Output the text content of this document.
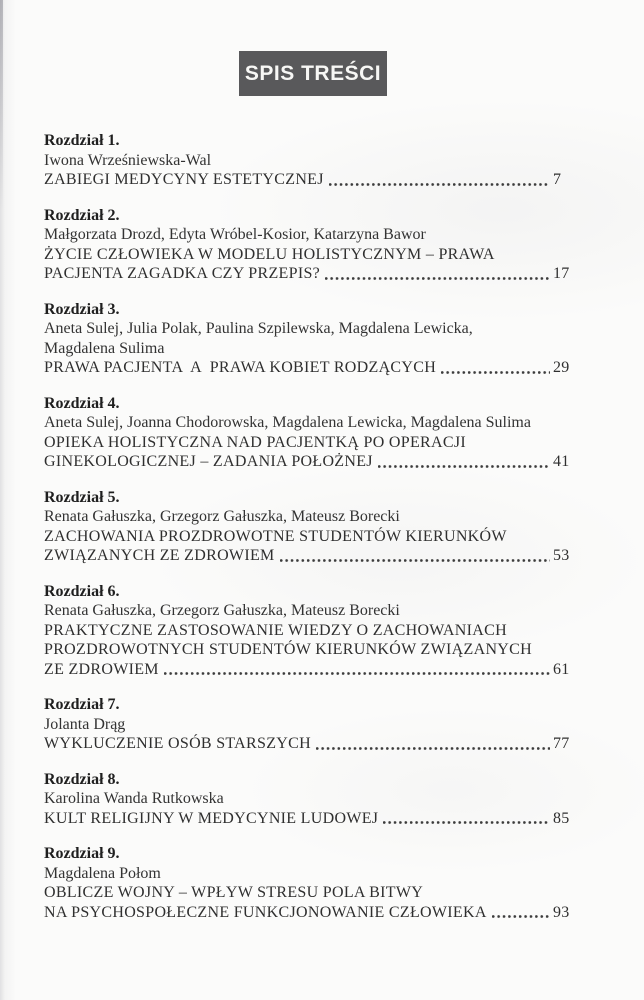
SPIS TREŚCI
Rozdział 1.
Iwona Wrześniewska-Wal
ZABIEGI MEDYCYNY ESTETYCZNEJ	7
Rozdział 2.
Małgorzata Drozd, Edyta Wróbel-Kosior, Katarzyna Bawor
ŻYCIE CZŁOWIEKA W MODELU HOLISTYCZNYM – PRAWA
PACJENTA ZAGADKA CZY PRZEPIS?	17
Rozdział 3.
Aneta Sulej, Julia Polak, Paulina Szpilewska, Magdalena Lewicka,
Magdalena Sulima
PRAWA PACJENTA  A  PRAWA KOBIET RODZĄCYCH	29
Rozdział 4.
Aneta Sulej, Joanna Chodorowska, Magdalena Lewicka, Magdalena Sulima
OPIEKA HOLISTYCZNA NAD PACJENTKĄ PO OPERACJI
GINEKOLOGICZNEJ – ZADANIA POŁOŻNEJ	41
Rozdział 5.
Renata Gałuszka, Grzegorz Gałuszka, Mateusz Borecki
ZACHOWANIA PROZDROWOTNE STUDENTÓW KIERUNKÓW
ZWIĄZANYCH ZE ZDROWIEM	53
Rozdział 6.
Renata Gałuszka, Grzegorz Gałuszka, Mateusz Borecki
PRAKTYCZNE ZASTOSOWANIE WIEDZY O ZACHOWANIACH
PROZDROWOTNYCH STUDENTÓW KIERUNKÓW ZWIĄZANYCH
ZE ZDROWIEM	61
Rozdział 7.
Jolanta Drąg
WYKLUCZENIE OSÓB STARSZYCH	77
Rozdział 8.
Karolina Wanda Rutkowska
KULT RELIGIJNY W MEDYCYNIE LUDOWEJ	85
Rozdział 9.
Magdalena Połom
OBLICZE WOJNY – WPŁYW STRESU POLA BITWY
NA PSYCHOSPOŁECZNE FUNKCJONOWANIE CZŁOWIEKA	93
